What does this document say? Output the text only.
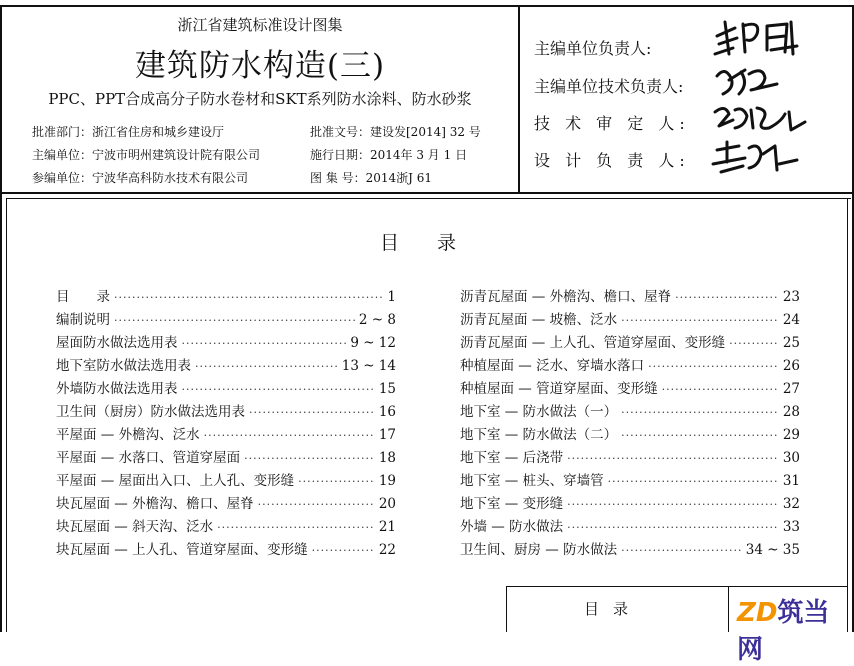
浙江省建筑标准设计图集
建筑防水构造(三)
PPC、PPT合成高分子防水卷材和SKT系列防水涂料、防水砂浆
批准部门：浙江省住房和城乡建设厅	批准文号：建设发[2014] 32 号
主编单位：宁波市明州建筑设计院有限公司	施行日期：2014年 3 月 1 日
参编单位：宁波华高科防水技术有限公司	图 集 号：2014浙J 61
主编单位负责人:
主编单位技术负责人:
技 术 审 定 人:
设 计 负 责 人:
目　　录
目　　录 ·····	1
编制说明 ·····	2 ~ 8
屋面防水做法选用表 ·····	9 ~ 12
地下室防水做法选用表 ·····	13 ~ 14
外墙防水做法选用表 ·····	15
卫生间（厨房）防水做法选用表 ·····	16
平屋面 — 外檐沟、泛水 ·····	17
平屋面 — 水落口、管道穿屋面 ·····	18
平屋面 — 屋面出入口、上人孔、变形缝 ·····	19
块瓦屋面 — 外檐沟、檐口、屋脊 ·····	20
块瓦屋面 — 斜天沟、泛水 ·····	21
块瓦屋面 — 上人孔、管道穿屋面、变形缝 ·····	22
沥青瓦屋面 — 外檐沟、檐口、屋脊 ·····	23
沥青瓦屋面 — 坡檐、泛水 ·····	24
沥青瓦屋面 — 上人孔、管道穿屋面、变形缝 ·····	25
种植屋面 — 泛水、穿墙水落口 ·····	26
种植屋面 — 管道穿屋面、变形缝 ·····	27
地下室 — 防水做法（一） ·····	28
地下室 — 防水做法（二） ·····	29
地下室 — 后浇带 ·····	30
地下室 — 桩头、穿墙管 ·····	31
地下室 — 变形缝 ·····	32
外墙 — 防水做法 ·····	33
卫生间、厨房 — 防水做法 ·····	34 ~ 35
目录	ZD筑当网
